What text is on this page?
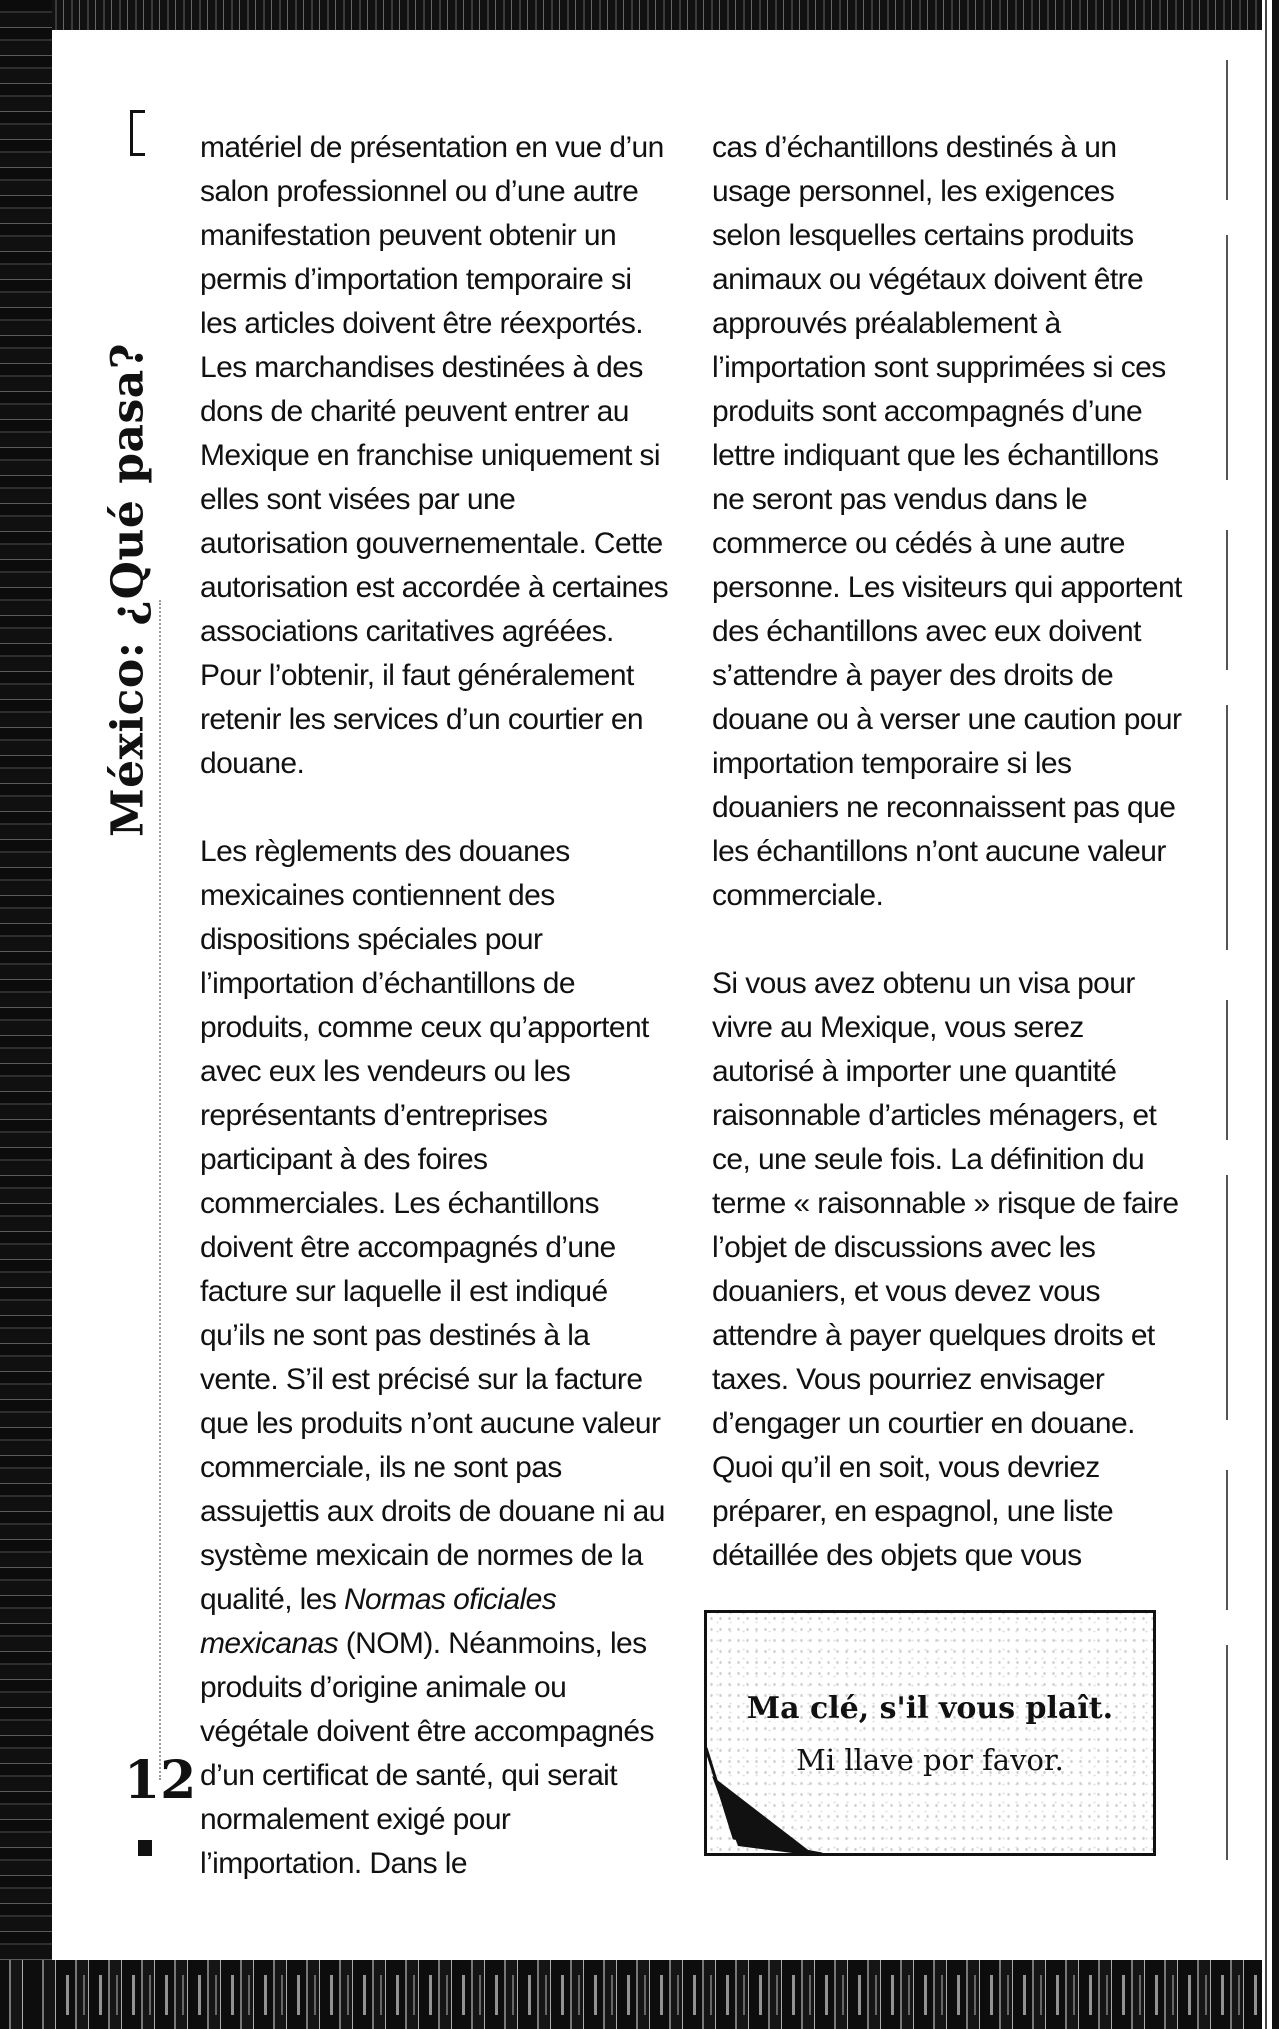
México: ¿Qué pasa?
12

matériel de présentation en vue d’un salon professionnel ou d’une autre manifestation peuvent obtenir un permis d’importation temporaire si les articles doivent être réexportés. Les marchandises destinées à des dons de charité peuvent entrer au Mexique en franchise uniquement si elles sont visées par une autorisation gouvernementale. Cette autorisation est accordée à certaines associations caritatives agréées. Pour l’obtenir, il faut généralement retenir les services d’un courtier en douane.

Les règlements des douanes mexicaines contiennent des dispositions spéciales pour l’importation d’échantillons de produits, comme ceux qu’apportent avec eux les vendeurs ou les représentants d’entreprises participant à des foires commerciales. Les échantillons doivent être accompagnés d’une facture sur laquelle il est indiqué qu’ils ne sont pas destinés à la vente. S’il est précisé sur la facture que les produits n’ont aucune valeur commerciale, ils ne sont pas assujettis aux droits de douane ni au système mexicain de normes de la qualité, les Normas oficiales mexicanas (NOM). Néanmoins, les produits d’origine animale ou végétale doivent être accompagnés d’un certificat de santé, qui serait normalement exigé pour l’importation. Dans le

cas d’échantillons destinés à un usage personnel, les exigences selon lesquelles certains produits animaux ou végétaux doivent être approuvés préalablement à l’importation sont supprimées si ces produits sont accompagnés d’une lettre indiquant que les échantillons ne seront pas vendus dans le commerce ou cédés à une autre personne. Les visiteurs qui apportent des échantillons avec eux doivent s’attendre à payer des droits de douane ou à verser une caution pour importation temporaire si les douaniers ne reconnaissent pas que les échantillons n’ont aucune valeur commerciale.

Si vous avez obtenu un visa pour vivre au Mexique, vous serez autorisé à importer une quantité raisonnable d’articles ménagers, et ce, une seule fois. La définition du terme « raisonnable » risque de faire l’objet de discussions avec les douaniers, et vous devez vous attendre à payer quelques droits et taxes. Vous pourriez envisager d’engager un courtier en douane. Quoi qu’il en soit, vous devriez préparer, en espagnol, une liste détaillée des objets que vous

Ma clé, s'il vous plaît.
Mi llave por favor.
